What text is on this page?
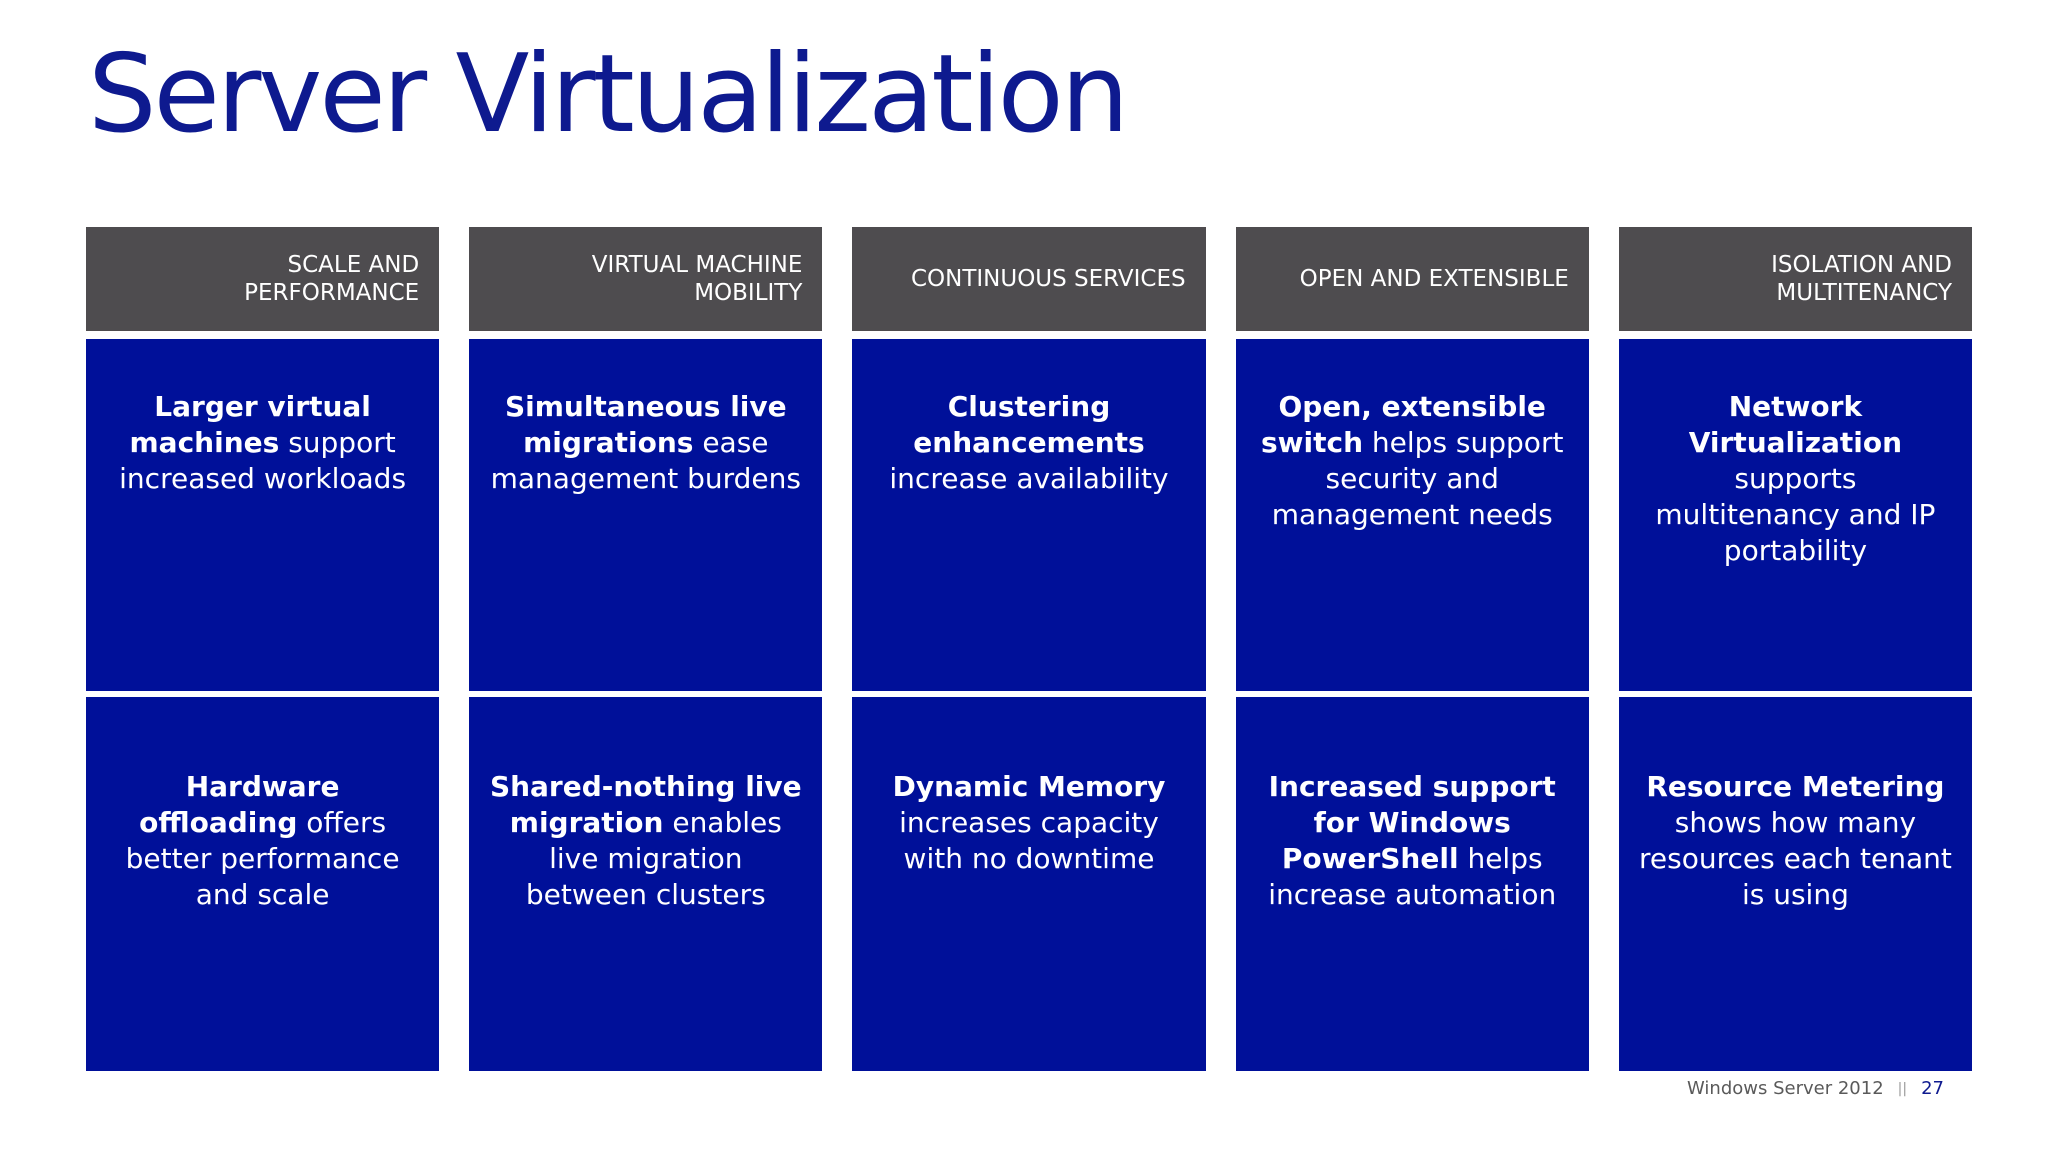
Server Virtualization
SCALE AND PERFORMANCE
Larger virtual machines support increased workloads
Hardware offloading offers better performance and scale
VIRTUAL MACHINE
MOBILITY
Simultaneous live migrations ease management burdens
Shared-nothing live migration enables live migration between clusters
CONTINUOUS SERVICES
Clustering enhancements increase availability
Dynamic Memory increases capacity with no downtime
OPEN AND EXTENSIBLE
Open, extensible switch helps support security and management needs
Increased support for Windows PowerShell helps increase automation
ISOLATION AND
MULTITENANCY
Network Virtualization supports multitenancy and IP portability
Resource Metering shows how many resources each tenant is using
Windows Server 2012 || 27
